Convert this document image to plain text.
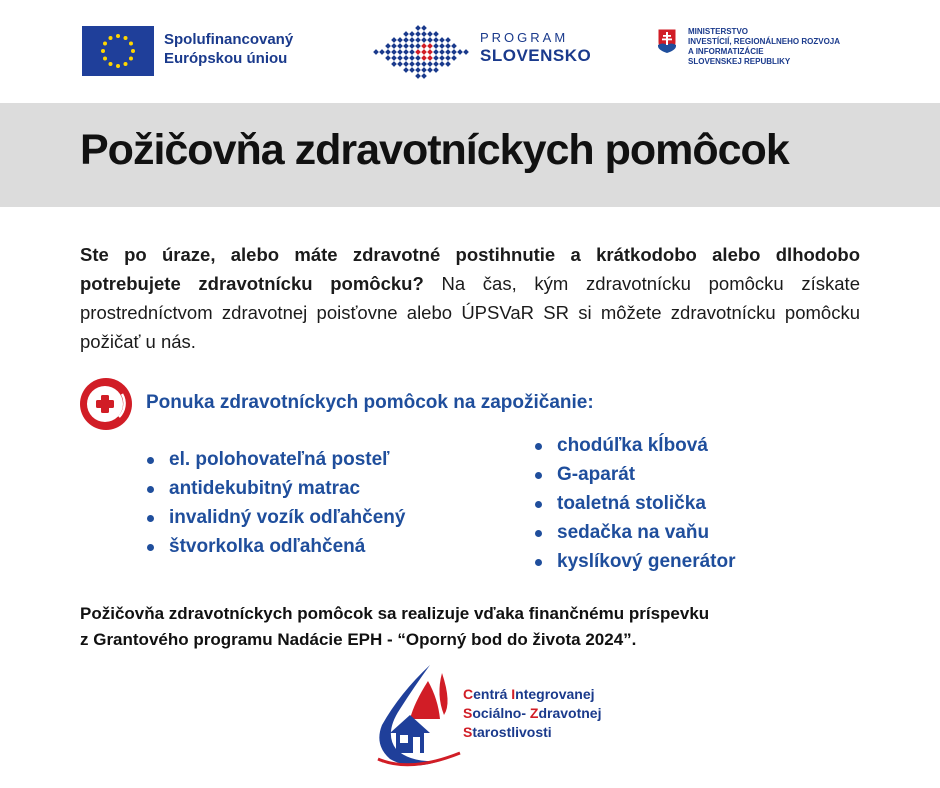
Spolufinancovaný
Európskou úniou
PROGRAM
SLOVENSKO
MINISTERSTVO
INVESTÍCIÍ, REGIONÁLNEHO ROZVOJA
A INFORMATIZÁCIE
SLOVENSKEJ REPUBLIKY
Požičovňa zdravotníckych pomôcok
Ste po úraze, alebo máte zdravotné postihnutie a krátkodobo alebo dlhodobo potrebujete zdravotnícku pomôcku? Na čas, kým zdravotnícku pomôcku získate prostredníctvom zdravotnej poisťovne alebo ÚPSVaR SR si môžete zdravotnícku pomôcku požičať u nás.
Ponuka zdravotníckych pomôcok na zapožičanie:
el. polohovateľná posteľ
antidekubitný matrac
invalidný vozík odľahčený
štvorkolka odľahčená
chodúľka kĺbová
G-aparát
toaletná stolička
sedačka na vaňu
kyslíkový generátor
Požičovňa zdravotníckych pomôcok sa realizuje vďaka finančnému príspevku
z Grantového programu Nadácie EPH - “Oporný bod do života 2024”.
Centrá Integrovanej
Sociálno- Zdravotnej
Starostlivosti
